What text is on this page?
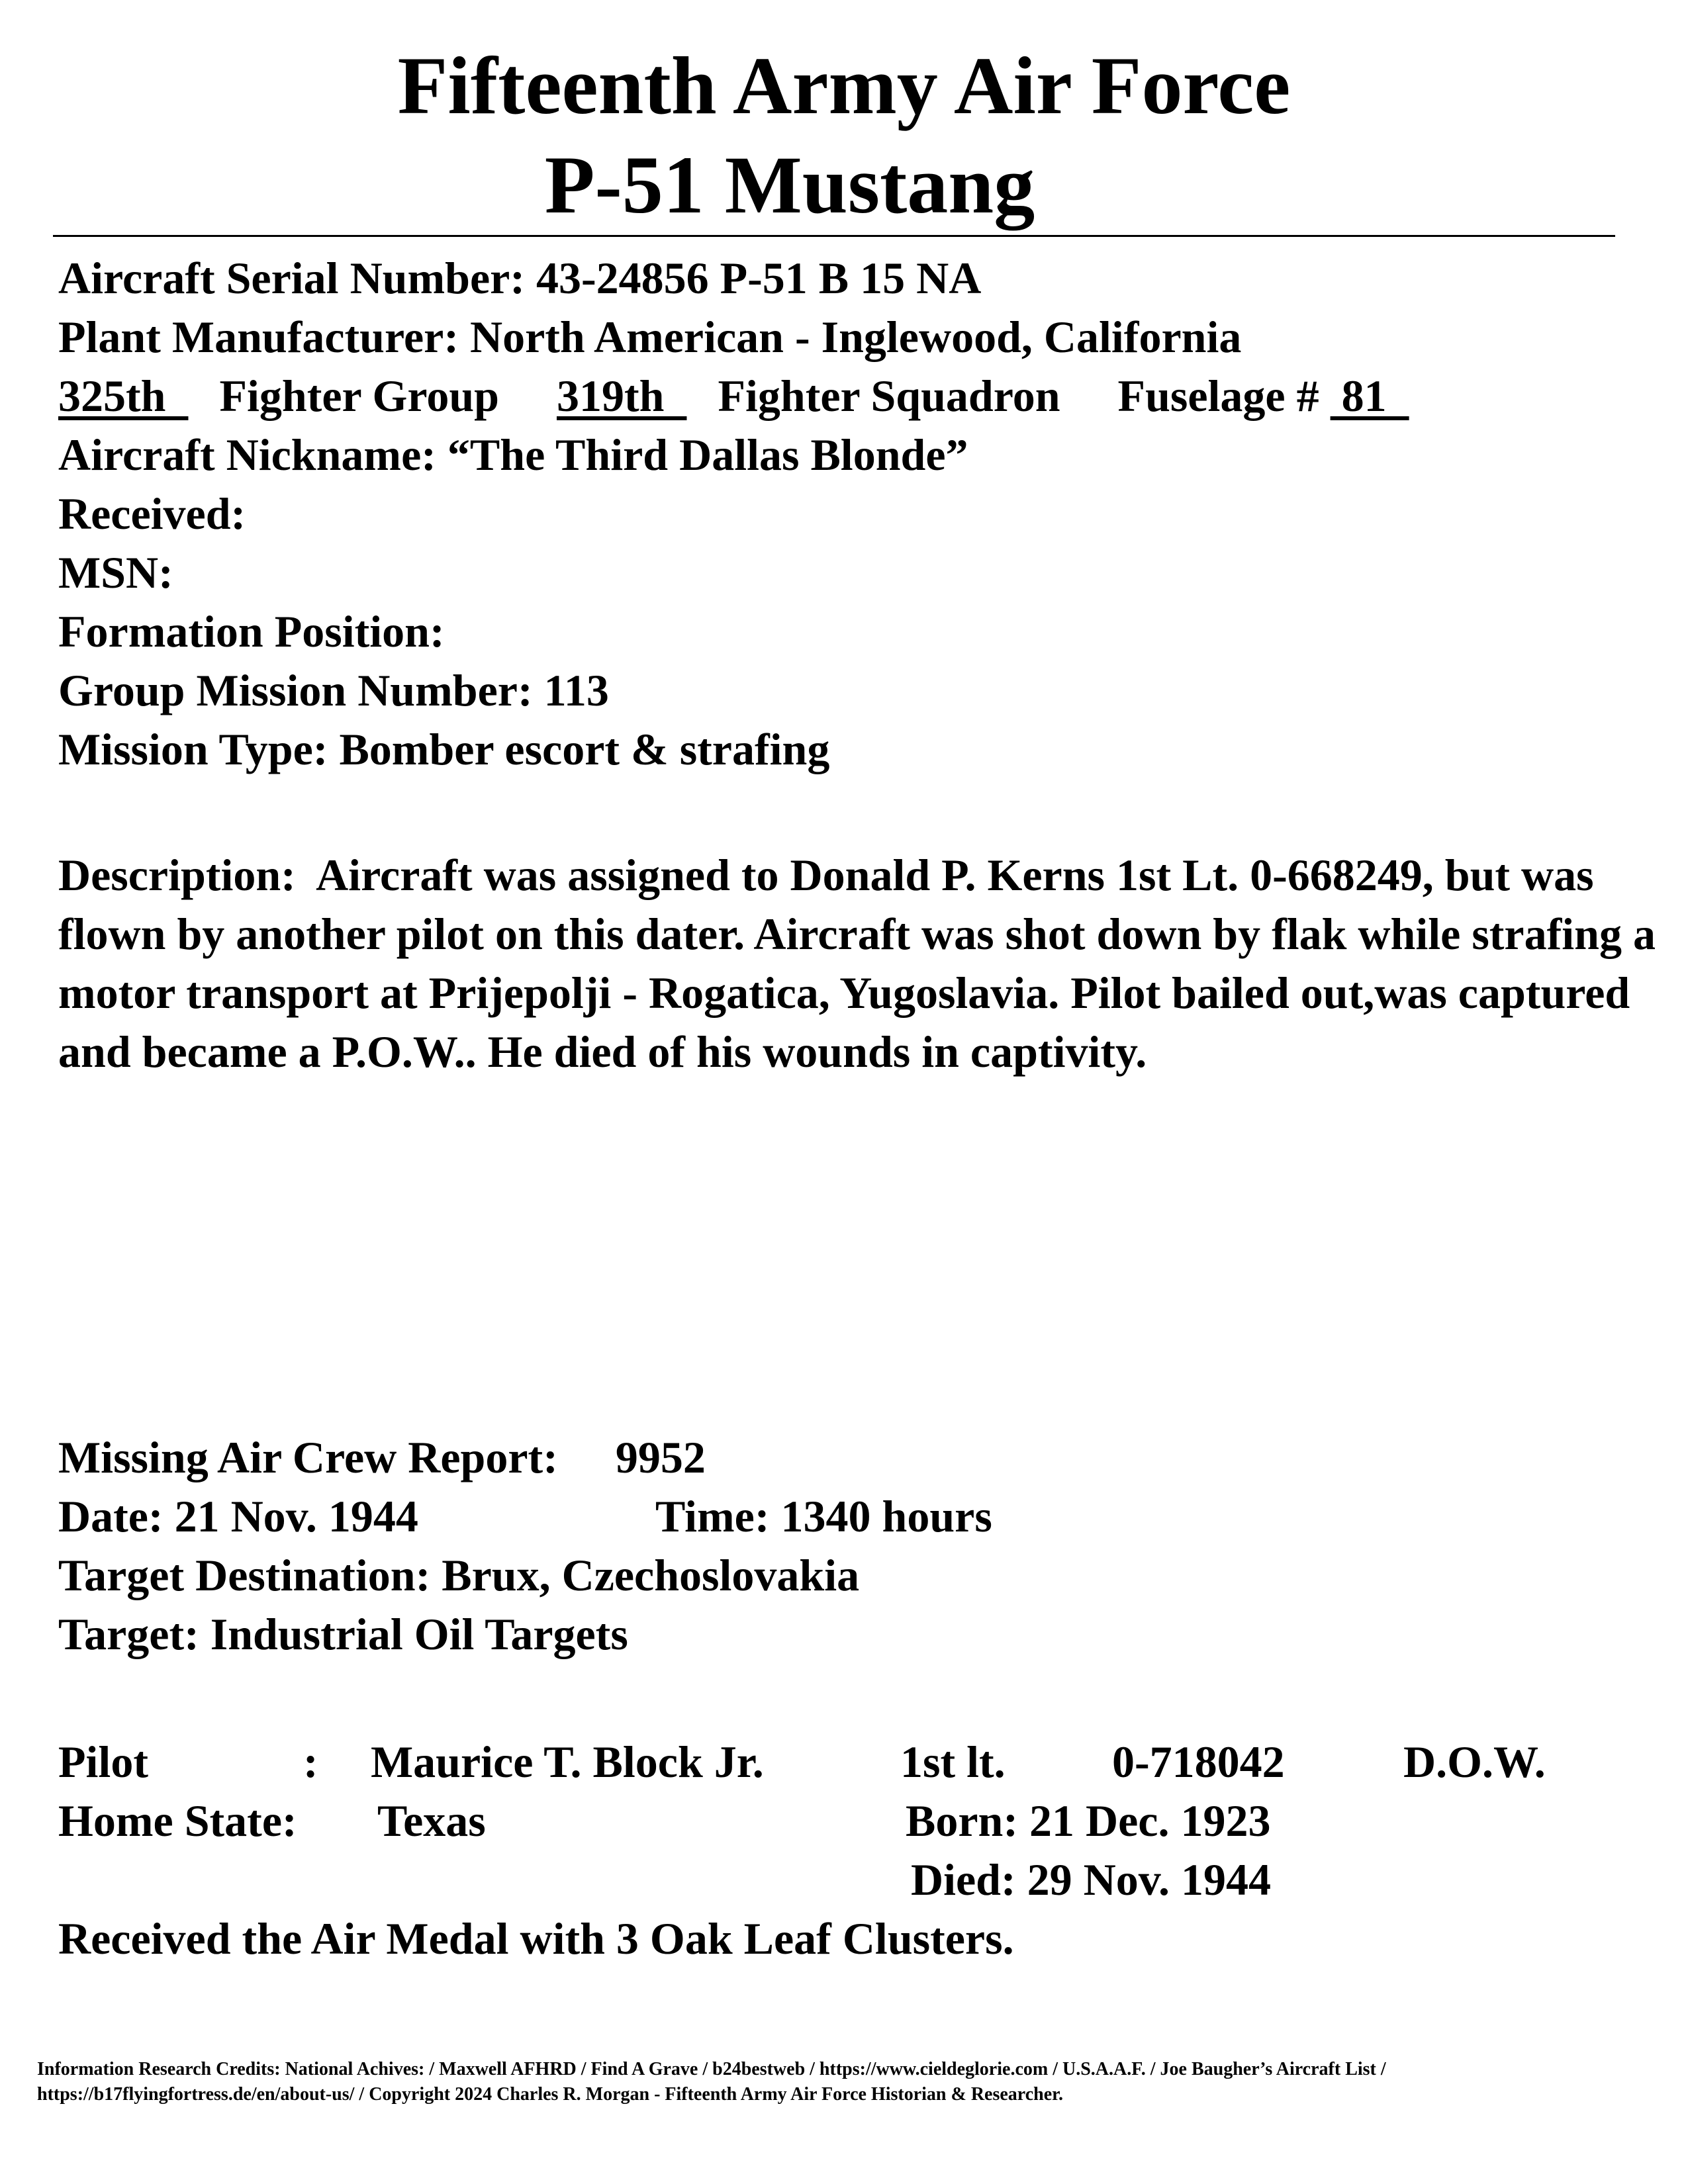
Fifteenth Army Air Force
P-51 Mustang
Aircraft Serial Number: 43-24856 P-51 B 15 NA
Plant Manufacturer: North American - Inglewood, California
325th   Fighter Group 319th   Fighter Squadron Fuselage #  81
Aircraft Nickname: “The Third Dallas Blonde”
Received:
MSN:
Formation Position:
Group Mission Number: 113
Mission Type: Bomber escort & strafing
Description: Aircraft was assigned to Donald P. Kerns 1st Lt. 0-668249, but was flown by another pilot on this dater. Aircraft was shot down by flak while strafing a motor transport at Prijepolji - Rogatica, Yugoslavia. Pilot bailed out,was captured and became a P.O.W.. He died of his wounds in captivity.
Missing Air Crew Report: 9952
Date: 21 Nov. 1944	Time: 1340 hours
Target Destination: Brux, Czechoslovakia
Target: Industrial Oil Targets
Pilot	: Maurice T. Block Jr.	1st lt. 0-718042	D.O.W.
Home State: Texas	Born: 21 Dec. 1923
Died: 29 Nov. 1944
Received the Air Medal with 3 Oak Leaf Clusters.
Information Research Credits: National Achives: / Maxwell AFHRD / Find A Grave / b24bestweb / https://www.cieldeglorie.com / U.S.A.A.F. / Joe Baugher’s Aircraft List /
https://b17flyingfortress.de/en/about-us/ / Copyright 2024 Charles R. Morgan - Fifteenth Army Air Force Historian & Researcher.
